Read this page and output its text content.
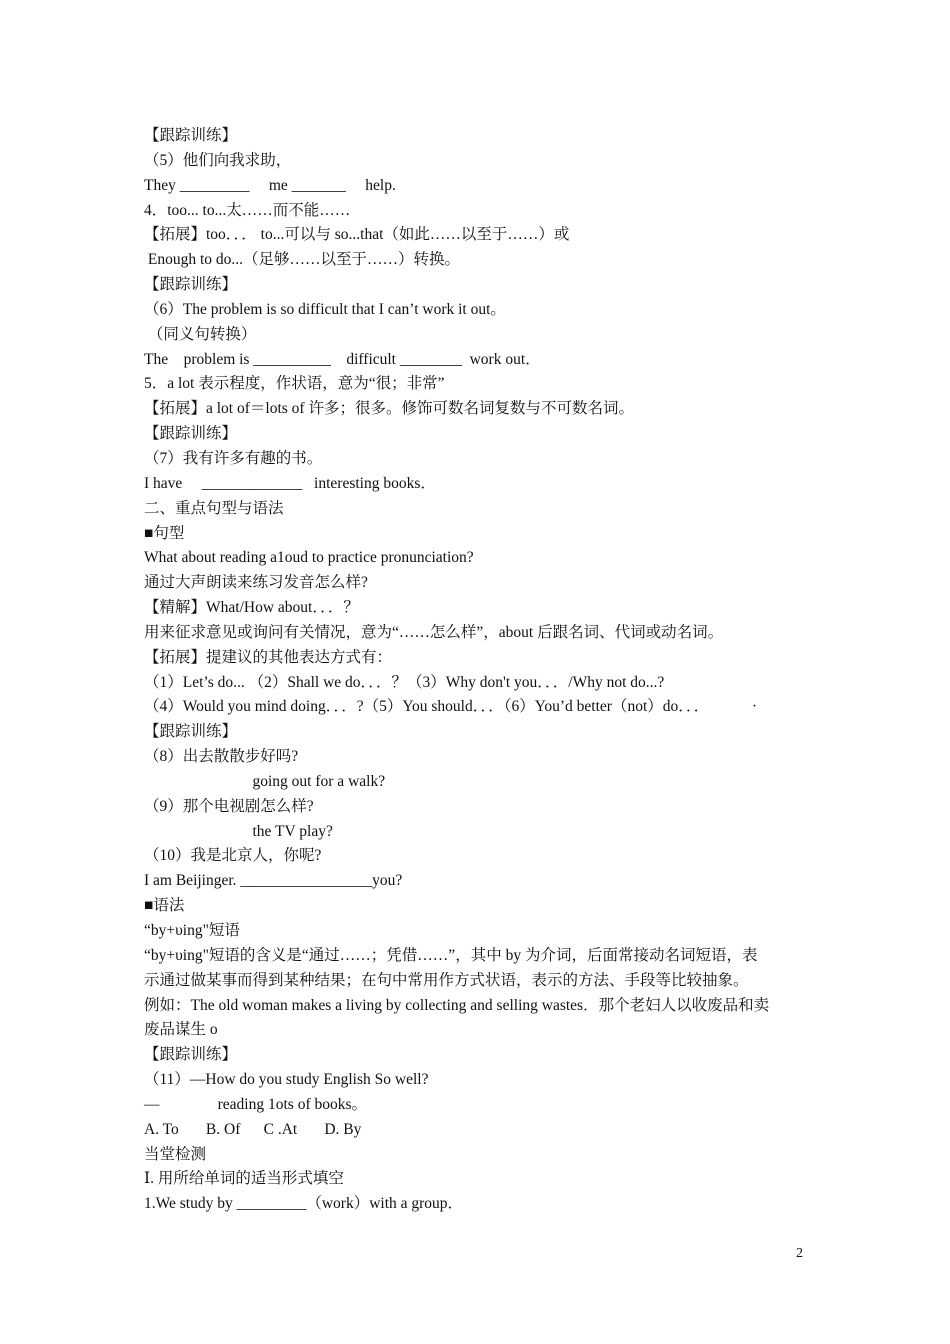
【跟踪训练】
（5）他们向我求助，
They _________     me _______     help.
4．too... to...太……而不能……
【拓展】too．．． to...可以与 so...that（如此……以至于……）或
Enough to do...（足够……以至于……）转换。
【跟踪训练】
（6）The problem is so difficult that I can’t work it out。
（同义句转换）
The    problem is __________    difficult ________  work out．
5．a lot 表示程度，作状语，意为“很；非常”
【拓展】a lot of＝lots of 许多；很多。修饰可数名词复数与不可数名词。
【跟踪训练】
（7）我有许多有趣的书。
I have     _____________   interesting books．
二、重点句型与语法
■句型
What about reading a1oud to practice pronunciation?
通过大声朗读来练习发音怎么样?
【精解】What/How about．．．？
用来征求意见或询问有关情况，意为“……怎么样”，about 后跟名词、代词或动名词。
【拓展】提建议的其他表达方式有：
（1）Let’s do... （2）Shall we do．．．？（3）Why don't you．．．/Why not do...?
（4）Would you mind doing．．．?（5）You should．．．（6）You’d better（not）do．．．           ·
【跟踪训练】
（8）出去散散步好吗?
going out for a walk?
（9）那个电视剧怎么样?
the TV play?
（10）我是北京人，你呢?
I am Beijinger. _________________you?
■语法
“by+υing"短语
“by+υing"短语的含义是“通过……；凭借……”，其中 by 为介词，后面常接动名词短语，表
示通过做某事而得到某种结果；在句中常用作方式状语，表示的方法、手段等比较抽象。
例如：The old woman makes a living by collecting and selling wastes．那个老妇人以收废品和卖
废品谋生 o
【跟踪训练】
（11）—How do you study English So well?
—               reading 1ots of books。
A. To       B. Of      C .At       D. By
当堂检测
Ⅰ. 用所给单词的适当形式填空
1.We study by _________（work）with a group．
2
